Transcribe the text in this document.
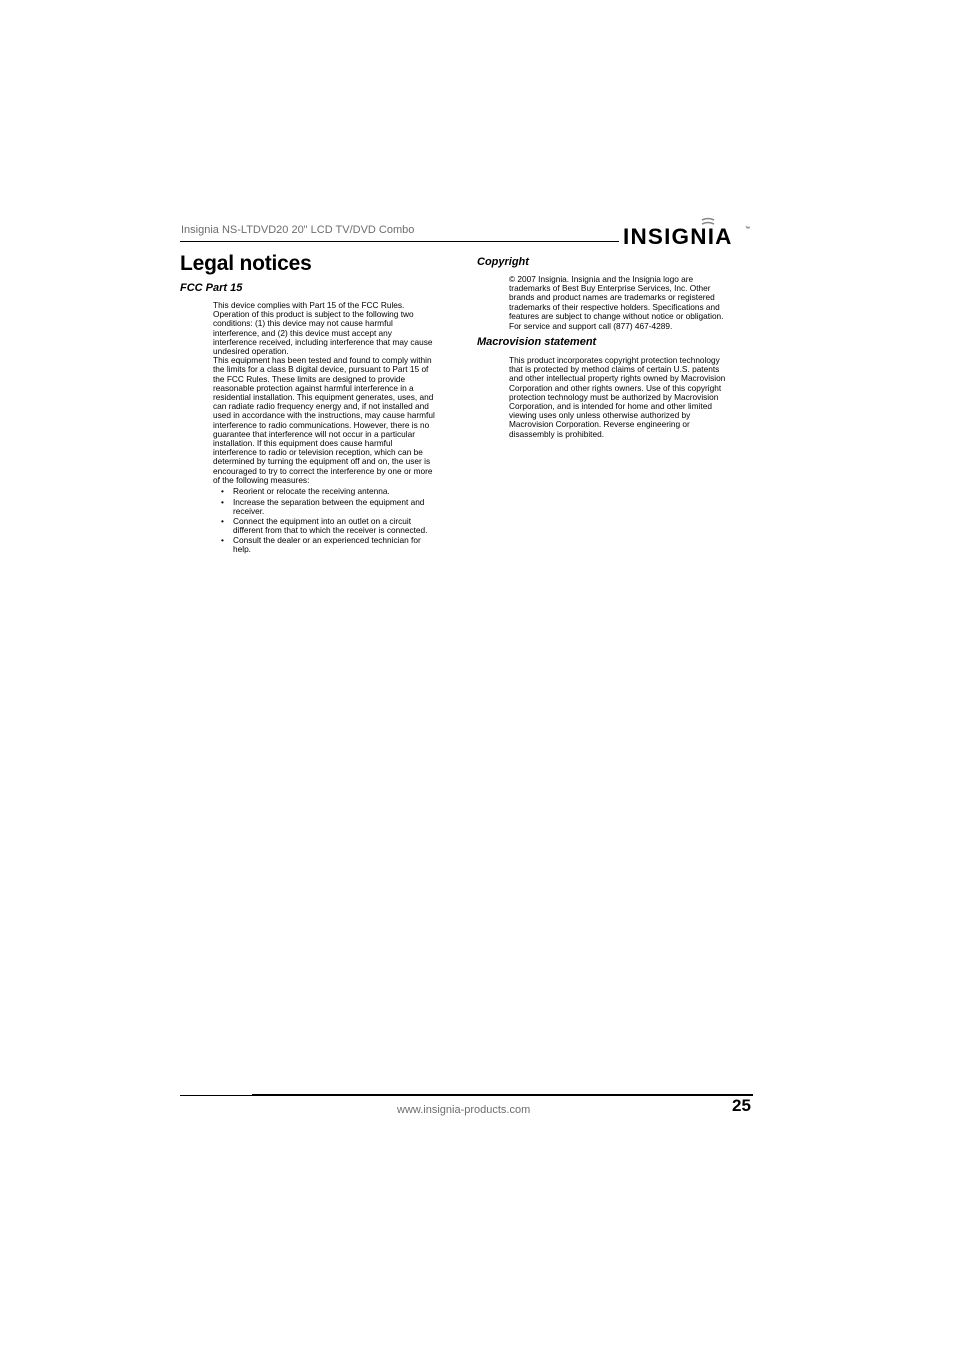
Insignia NS-LTDVD20 20" LCD TV/DVD Combo	INSIGNIA ™
Legal notices
FCC Part 15

This device complies with Part 15 of the FCC Rules.
Operation of this product is subject to the following two
conditions: (1) this device may not cause harmful
interference, and (2) this device must accept any
interference received, including interference that may cause
undesired operation.

This equipment has been tested and found to comply within
the limits for a class B digital device, pursuant to Part 15 of
the FCC Rules. These limits are designed to provide
reasonable protection against harmful interference in a
residential installation. This equipment generates, uses, and
can radiate radio frequency energy and, if not installed and
used in accordance with the instructions, may cause harmful
interference to radio communications. However, there is no
guarantee that interference will not occur in a particular
installation. If this equipment does cause harmful
interference to radio or television reception, which can be
determined by turning the equipment off and on, the user is
encouraged to try to correct the interference by one or more
of the following measures:

• Reorient or relocate the receiving antenna.

• Increase the separation between the equipment and
receiver.

• Connect the equipment into an outlet on a circuit
different from that to which the receiver is connected.

• Consult the dealer or an experienced technician for
help.

Copyright

© 2007 Insignia. Insignia and the Insignia logo are
trademarks of Best Buy Enterprise Services, Inc. Other
brands and product names are trademarks or registered
trademarks of their respective holders. Specifications and
features are subject to change without notice or obligation.

For service and support call (877) 467-4289.

Macrovision statement

This product incorporates copyright protection technology
that is protected by method claims of certain U.S. patents
and other intellectual property rights owned by Macrovision
Corporation and other rights owners. Use of this copyright
protection technology must be authorized by Macrovision
Corporation, and is intended for home and other limited
viewing uses only unless otherwise authorized by
Macrovision Corporation. Reverse engineering or
disassembly is prohibited.

www.insignia-products.com	25
